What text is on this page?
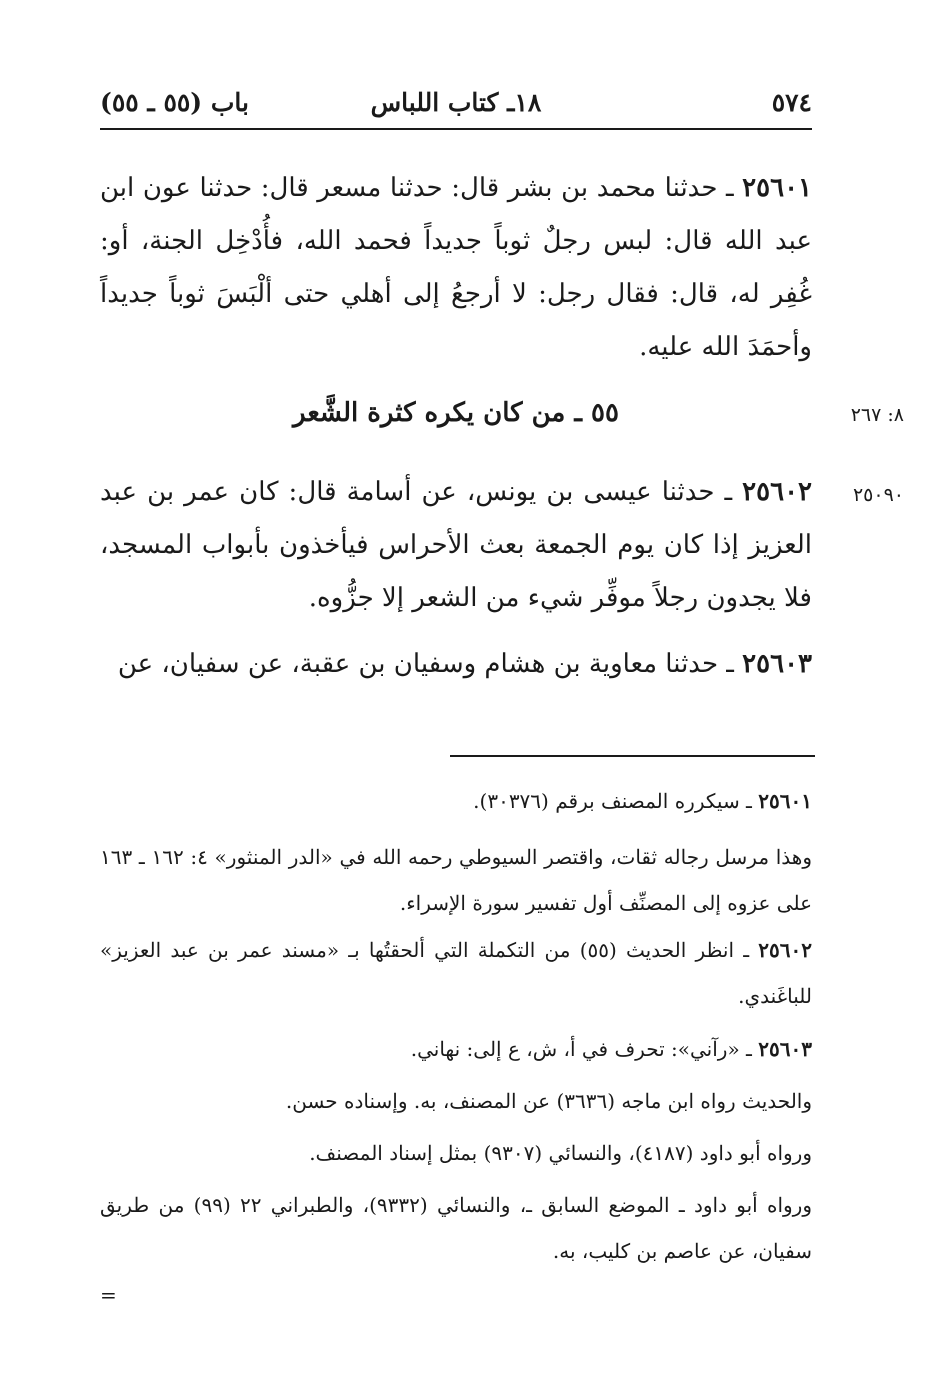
٥٧٤
١٨ـ كتاب اللباس
باب (٥٥ ـ ٥٥)

٢٥٦٠١ ـ حدثنا محمد بن بشر قال: حدثنا مسعر قال: حدثنا عون ابن عبد الله قال: لبس رجلٌ ثوباً جديداً فحمد الله، فأُدْخِل الجنة، أو: غُفِر له، قال: فقال رجل: لا أرجعُ إلى أهلي حتى ألْبَسَ ثوباً جديداً وأحمَدَ الله عليه.

٨: ٢٦٧
٥٥ ـ من كان يكره كثرة الشَّعر
٢٥٠٩٠

٢٥٦٠٢ ـ حدثنا عيسى بن يونس، عن أسامة قال: كان عمر بن عبد العزيز إذا كان يوم الجمعة بعث الأحراس فيأخذون بأبواب المسجد، فلا يجدون رجلاً موفِّر شيء من الشعر إلا جزُّوه.

٢٥٦٠٣ ـ حدثنا معاوية بن هشام وسفيان بن عقبة، عن سفيان، عن

٢٥٦٠١ ـ سيكرره المصنف برقم (٣٠٣٧٦).

وهذا مرسل رجاله ثقات، واقتصر السيوطي رحمه الله في «الدر المنثور» ٤: ١٦٢ ـ ١٦٣ على عزوه إلى المصنِّف أول تفسير سورة الإسراء.

٢٥٦٠٢ ـ انظر الحديث (٥٥) من التكملة التي ألحقتُها بـ «مسند عمر بن عبد العزيز» للباغَندي.

٢٥٦٠٣ ـ «رآني»: تحرف في أ، ش، ع إلى: نهاني.

والحديث رواه ابن ماجه (٣٦٣٦) عن المصنف، به. وإسناده حسن.

ورواه أبو داود (٤١٨٧)، والنسائي (٩٣٠٧) بمثل إسناد المصنف.

ورواه أبو داود ـ الموضع السابق ـ، والنسائي (٩٣٣٢)، والطبراني ٢٢ (٩٩) من طريق سفيان، عن عاصم بن كليب، به.

=
